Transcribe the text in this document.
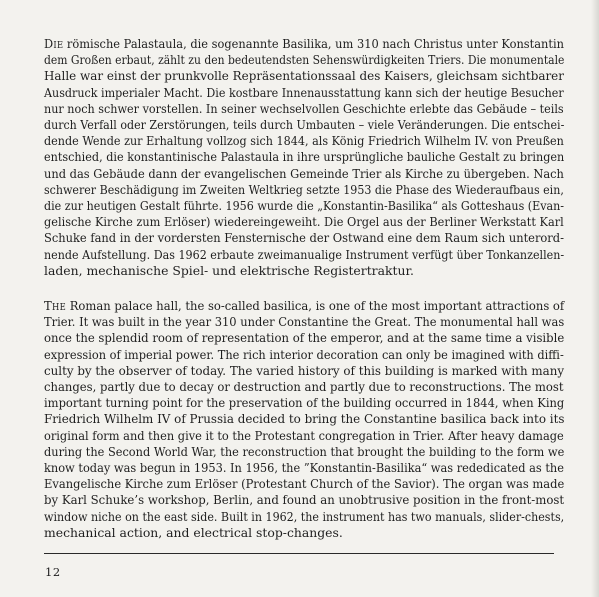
Die römische Palastaula, die sogenannte Basilika, um 310 nach Christus unter Konstantin
dem Großen erbaut, zählt zu den bedeutendsten Sehenswürdigkeiten Triers. Die monumentale
Halle war einst der prunkvolle Repräsentationssaal des Kaisers, gleichsam sichtbarer
Ausdruck imperialer Macht. Die kostbare Innenausstattung kann sich der heutige Besucher
nur noch schwer vorstellen. In seiner wechselvollen Geschichte erlebte das Gebäude – teils
durch Verfall oder Zerstörungen, teils durch Umbauten – viele Veränderungen. Die entschei-
dende Wende zur Erhaltung vollzog sich 1844, als König Friedrich Wilhelm IV. von Preußen
entschied, die konstantinische Palastaula in ihre ursprüngliche bauliche Gestalt zu bringen
und das Gebäude dann der evangelischen Gemeinde Trier als Kirche zu übergeben. Nach
schwerer Beschädigung im Zweiten Weltkrieg setzte 1953 die Phase des Wiederaufbaus ein,
die zur heutigen Gestalt führte. 1956 wurde die „Konstantin-Basilika“ als Gotteshaus (Evan-
gelische Kirche zum Erlöser) wiedereingeweiht. Die Orgel aus der Berliner Werkstatt Karl
Schuke fand in der vordersten Fensternische der Ostwand eine dem Raum sich unterord-
nende Aufstellung. Das 1962 erbaute zweimanualige Instrument verfügt über Tonkanzellen-
laden, mechanische Spiel- und elektrische Registertraktur.
The Roman palace hall, the so-called basilica, is one of the most important attractions of
Trier. It was built in the year 310 under Constantine the Great. The monumental hall was
once the splendid room of representation of the emperor, and at the same time a visible
expression of imperial power. The rich interior decoration can only be imagined with diffi-
culty by the observer of today. The varied history of this building is marked with many
changes, partly due to decay or destruction and partly due to reconstructions. The most
important turning point for the preservation of the building occurred in 1844, when King
Friedrich Wilhelm IV of Prussia decided to bring the Constantine basilica back into its
original form and then give it to the Protestant congregation in Trier. After heavy damage
during the Second World War, the reconstruction that brought the building to the form we
know today was begun in 1953. In 1956, the ”Konstantin-Basilika“ was rededicated as the
Evangelische Kirche zum Erlöser (Protestant Church of the Savior). The organ was made
by Karl Schuke’s workshop, Berlin, and found an unobtrusive position in the front-most
window niche on the east side. Built in 1962, the instrument has two manuals, slider-chests,
mechanical action, and electrical stop-changes.
12
